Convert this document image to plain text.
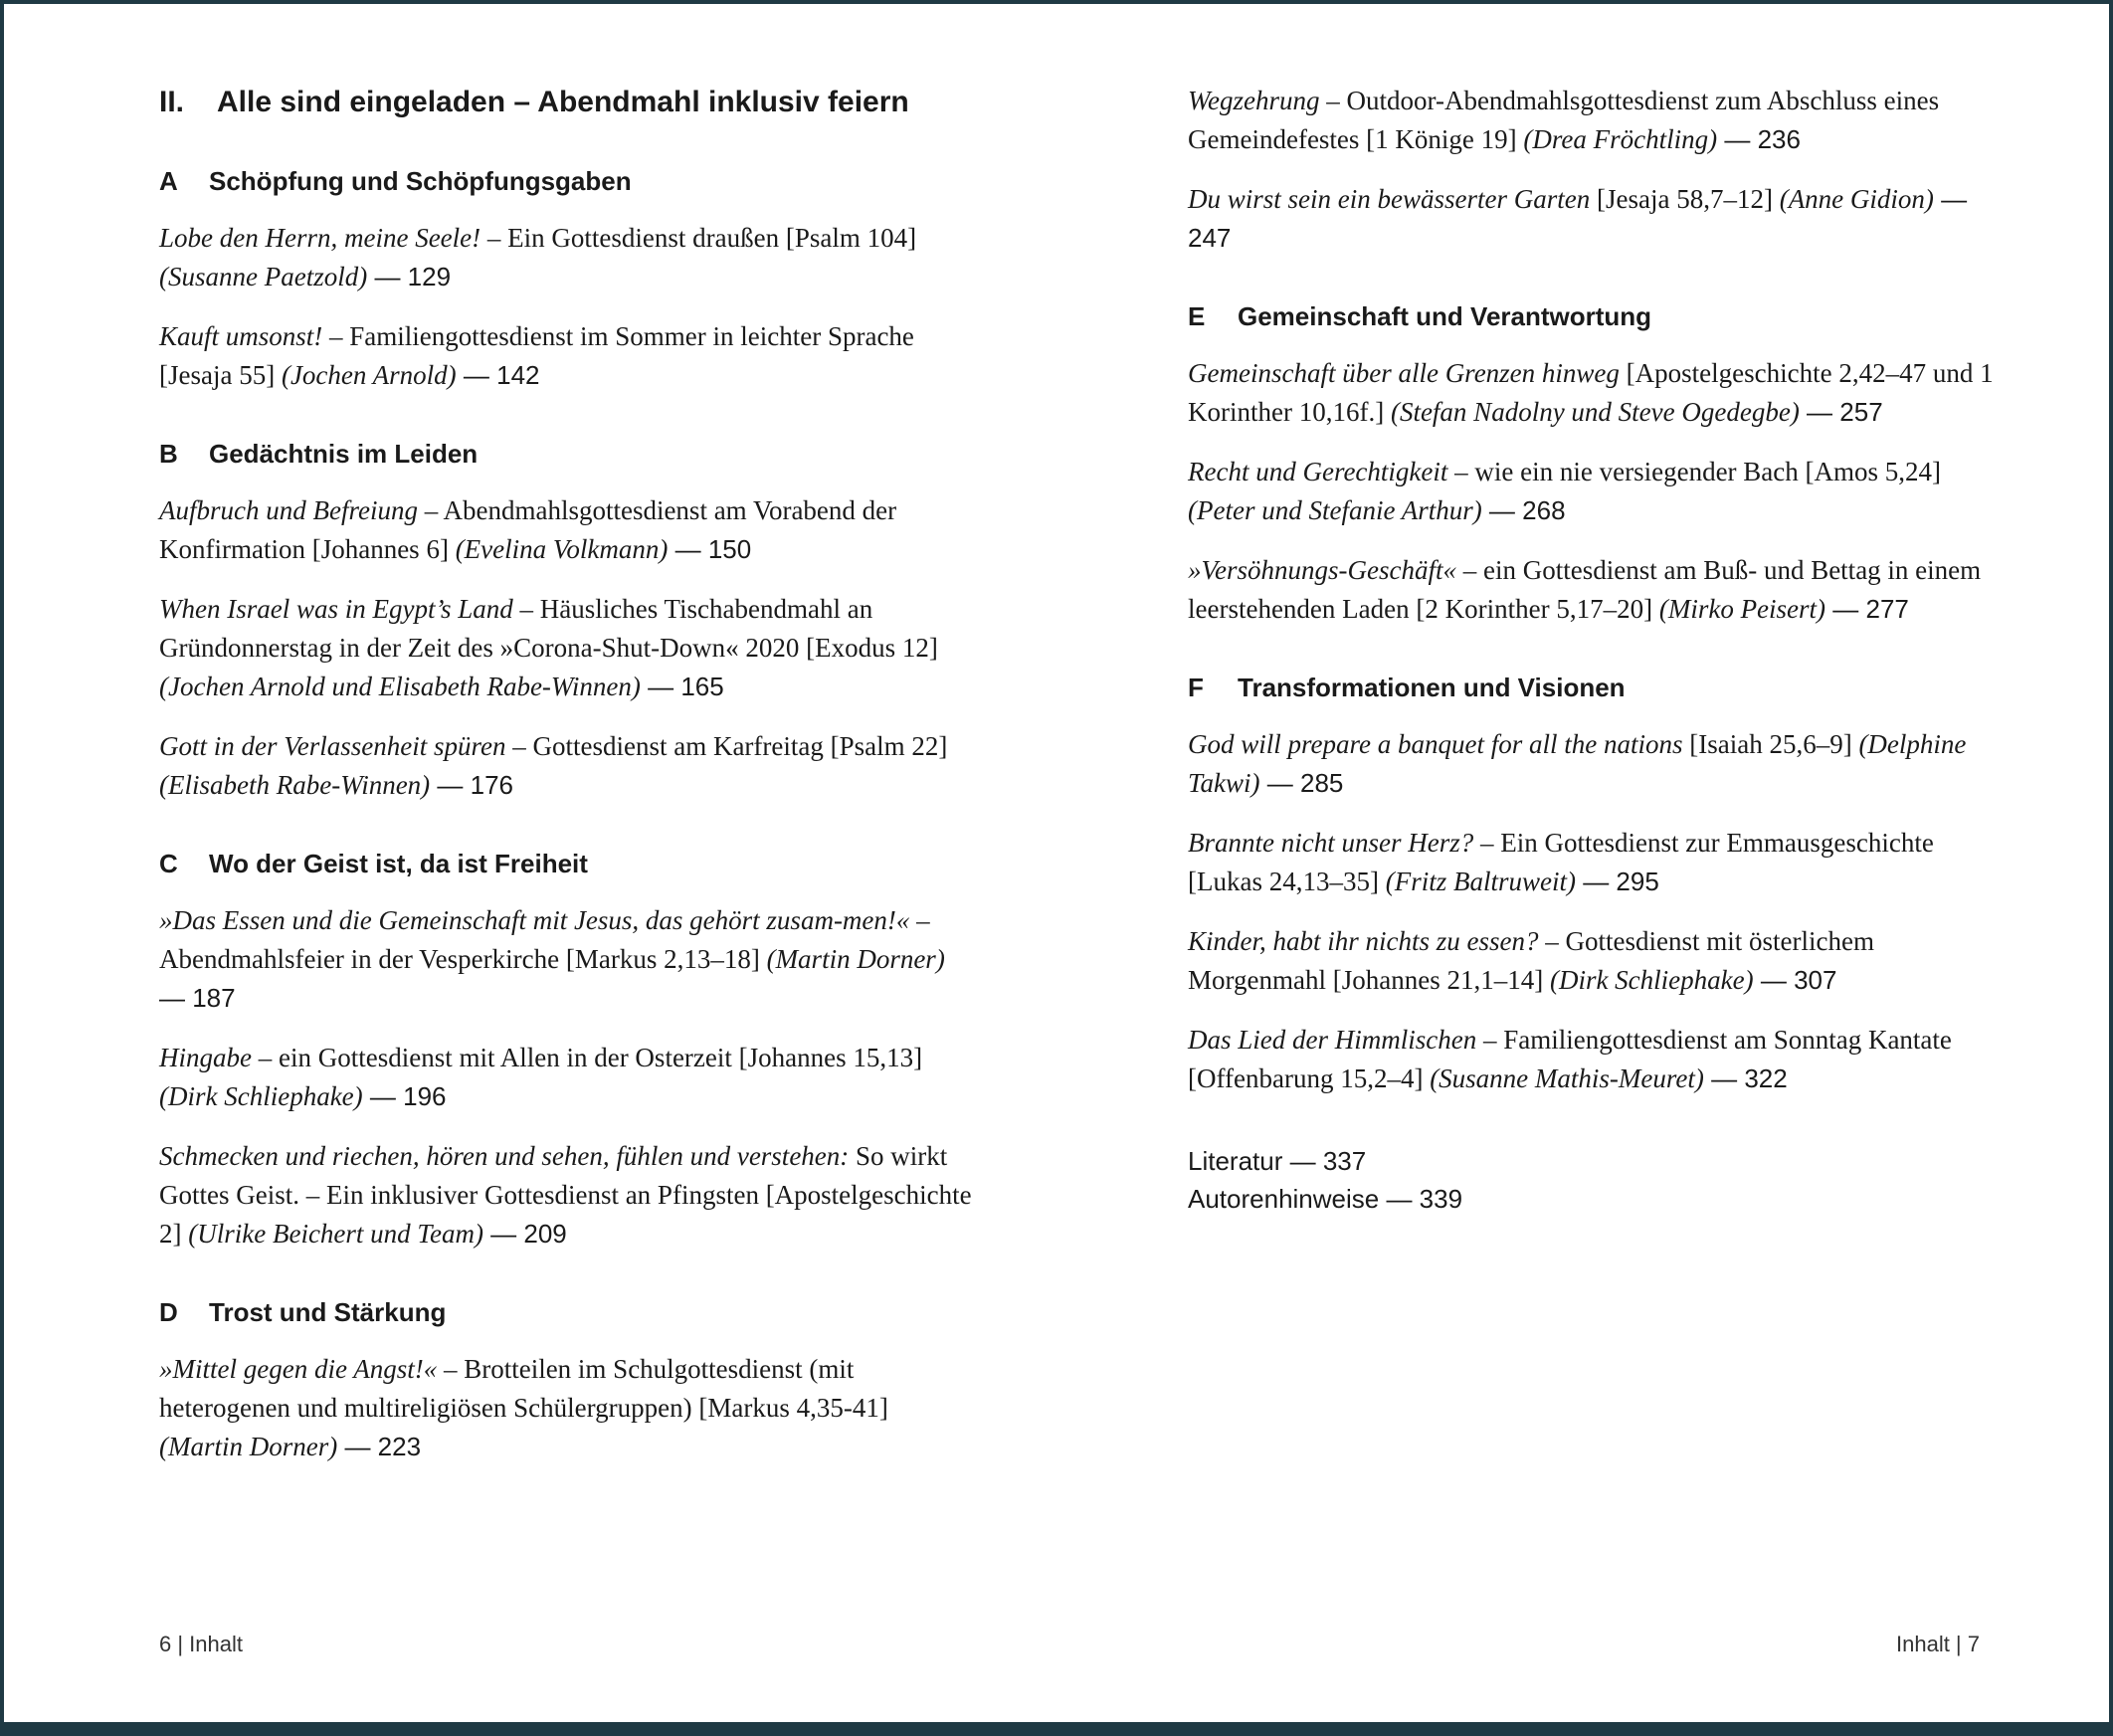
II. Alle sind eingeladen – Abendmahl inklusiv feiern
A Schöpfung und Schöpfungsgaben

Lobe den Herrn, meine Seele! – Ein Gottesdienst draußen [Psalm 104] (Susanne Paetzold) — 129

Kauft umsonst! – Familiengottesdienst im Sommer in leichter Sprache [Jesaja 55] (Jochen Arnold) — 142

B Gedächtnis im Leiden

Aufbruch und Befreiung – Abendmahlsgottesdienst am Vorabend der Konfirmation [Johannes 6] (Evelina Volkmann) — 150

When Israel was in Egypt’s Land – Häusliches Tischabendmahl an Gründonnerstag in der Zeit des »Corona-Shut-Down« 2020 [Exodus 12] (Jochen Arnold und Elisabeth Rabe-Winnen) — 165

Gott in der Verlassenheit spüren – Gottesdienst am Karfreitag [Psalm 22] (Elisabeth Rabe-Winnen) — 176

C Wo der Geist ist, da ist Freiheit

»Das Essen und die Gemeinschaft mit Jesus, das gehört zusam-men!« – Abendmahlsfeier in der Vesperkirche [Markus 2,13–18] (Martin Dorner) — 187

Hingabe – ein Gottesdienst mit Allen in der Osterzeit [Johannes 15,13] (Dirk Schliephake) — 196

Schmecken und riechen, hören und sehen, fühlen und verstehen: So wirkt Gottes Geist. – Ein inklusiver Gottesdienst an Pfingsten [Apostelgeschichte 2] (Ulrike Beichert und Team) — 209

D Trost und Stärkung

»Mittel gegen die Angst!« – Brotteilen im Schulgottesdienst (mit heterogenen und multireligiösen Schülergruppen) [Markus 4,35-41] (Martin Dorner) — 223

6 | Inhalt

Wegzehrung – Outdoor-Abendmahlsgottesdienst zum Abschluss eines Gemeindefestes [1 Könige 19] (Drea Fröchtling) — 236

Du wirst sein ein bewässerter Garten [Jesaja 58,7–12] (Anne Gidion) — 247

E Gemeinschaft und Verantwortung

Gemeinschaft über alle Grenzen hinweg [Apostelgeschichte 2,42–47 und 1 Korinther 10,16f.] (Stefan Nadolny und Steve Ogedegbe) — 257

Recht und Gerechtigkeit – wie ein nie versiegender Bach [Amos 5,24] (Peter und Stefanie Arthur) — 268

»Versöhnungs-Geschäft« – ein Gottesdienst am Buß- und Bettag in einem leerstehenden Laden [2 Korinther 5,17–20] (Mirko Peisert) — 277

F Transformationen und Visionen

God will prepare a banquet for all the nations [Isaiah 25,6–9] (Delphine Takwi) — 285

Brannte nicht unser Herz? – Ein Gottesdienst zur Emmausgeschichte [Lukas 24,13–35] (Fritz Baltruweit) — 295

Kinder, habt ihr nichts zu essen? – Gottesdienst mit österlichem Morgenmahl [Johannes 21,1–14] (Dirk Schliephake) — 307

Das Lied der Himmlischen – Familiengottesdienst am Sonntag Kantate [Offenbarung 15,2–4] (Susanne Mathis-Meuret) — 322

Literatur — 337
Autorenhinweise — 339
Inhalt | 7
